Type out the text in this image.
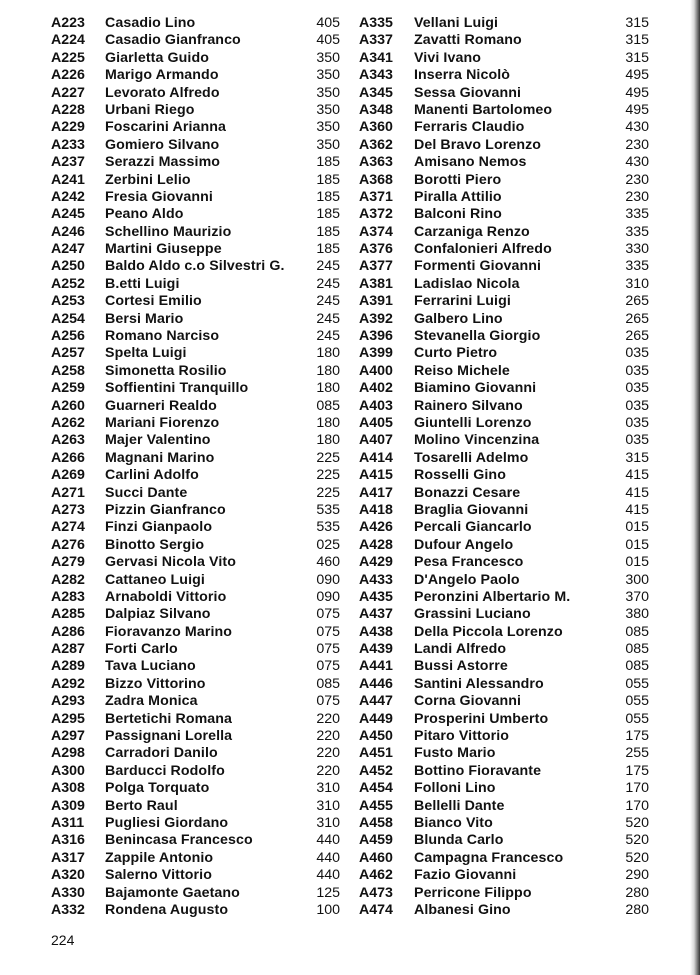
A223 Casadio Lino	405
A224 Casadio Gianfranco	405
A225 Giarletta Guido	350
A226 Marigo Armando	350
A227 Levorato Alfredo	350
A228 Urbani Riego	350
A229 Foscarini Arianna	350
A233 Gomiero Silvano	350
A237 Serazzi Massimo	185
A241 Zerbini Lelio	185
A242 Fresia Giovanni	185
A245 Peano Aldo	185
A246 Schellino Maurizio	185
A247 Martini Giuseppe	185
A250 Baldo Aldo c.o Silvestri G.	245
A252 B.etti Luigi	245
A253 Cortesi Emilio	245
A254 Bersi Mario	245
A256 Romano Narciso	245
A257 Spelta Luigi	180
A258 Simonetta Rosilio	180
A259 Soffientini Tranquillo	180
A260 Guarneri Realdo	085
A262 Mariani Fiorenzo	180
A263 Majer Valentino	180
A266 Magnani Marino	225
A269 Carlini Adolfo	225
A271 Succi Dante	225
A273 Pizzin Gianfranco	535
A274 Finzi Gianpaolo	535
A276 Binotto Sergio	025
A279 Gervasi Nicola Vito	460
A282 Cattaneo Luigi	090
A283 Arnaboldi Vittorio	090
A285 Dalpiaz Silvano	075
A286 Fioravanzo Marino	075
A287 Forti Carlo	075
A289 Tava Luciano	075
A292 Bizzo Vittorino	085
A293 Zadra Monica	075
A295 Bertetichi Romana	220
A297 Passignani Lorella	220
A298 Carradori Danilo	220
A300 Barducci Rodolfo	220
A308 Polga Torquato	310
A309 Berto Raul	310
A311 Pugliesi Giordano	310
A316 Benincasa Francesco	440
A317 Zappile Antonio	440
A320 Salerno Vittorio	440
A330 Bajamonte Gaetano	125
A332 Rondena Augusto	100
A335 Vellani Luigi	315
A337 Zavatti Romano	315
A341 Vivi Ivano	315
A343 Inserra Nicolò	495
A345 Sessa Giovanni	495
A348 Manenti Bartolomeo	495
A360 Ferraris Claudio	430
A362 Del Bravo Lorenzo	230
A363 Amisano Nemos	430
A368 Borotti Piero	230
A371 Piralla Attilio	230
A372 Balconi Rino	335
A374 Carzaniga Renzo	335
A376 Confalonieri Alfredo	330
A377 Formenti Giovanni	335
A381 Ladislao Nicola	310
A391 Ferrarini Luigi	265
A392 Galbero Lino	265
A396 Stevanella Giorgio	265
A399 Curto Pietro	035
A400 Reiso Michele	035
A402 Biamino Giovanni	035
A403 Rainero Silvano	035
A405 Giuntelli Lorenzo	035
A407 Molino Vincenzina	035
A414 Tosarelli Adelmo	315
A415 Rosselli Gino	415
A417 Bonazzi Cesare	415
A418 Braglia Giovanni	415
A426 Percali Giancarlo	015
A428 Dufour Angelo	015
A429 Pesa Francesco	015
A433 D'Angelo Paolo	300
A435 Peronzini Albertario M.	370
A437 Grassini Luciano	380
A438 Della Piccola Lorenzo	085
A439 Landi Alfredo	085
A441 Bussi Astorre	085
A446 Santini Alessandro	055
A447 Corna Giovanni	055
A449 Prosperini Umberto	055
A450 Pitaro Vittorio	175
A451 Fusto Mario	255
A452 Bottino Fioravante	175
A454 Folloni Lino	170
A455 Bellelli Dante	170
A458 Bianco Vito	520
A459 Blunda Carlo	520
A460 Campagna Francesco	520
A462 Fazio Giovanni	290
A473 Perricone Filippo	280
A474 Albanesi Gino	280
224
